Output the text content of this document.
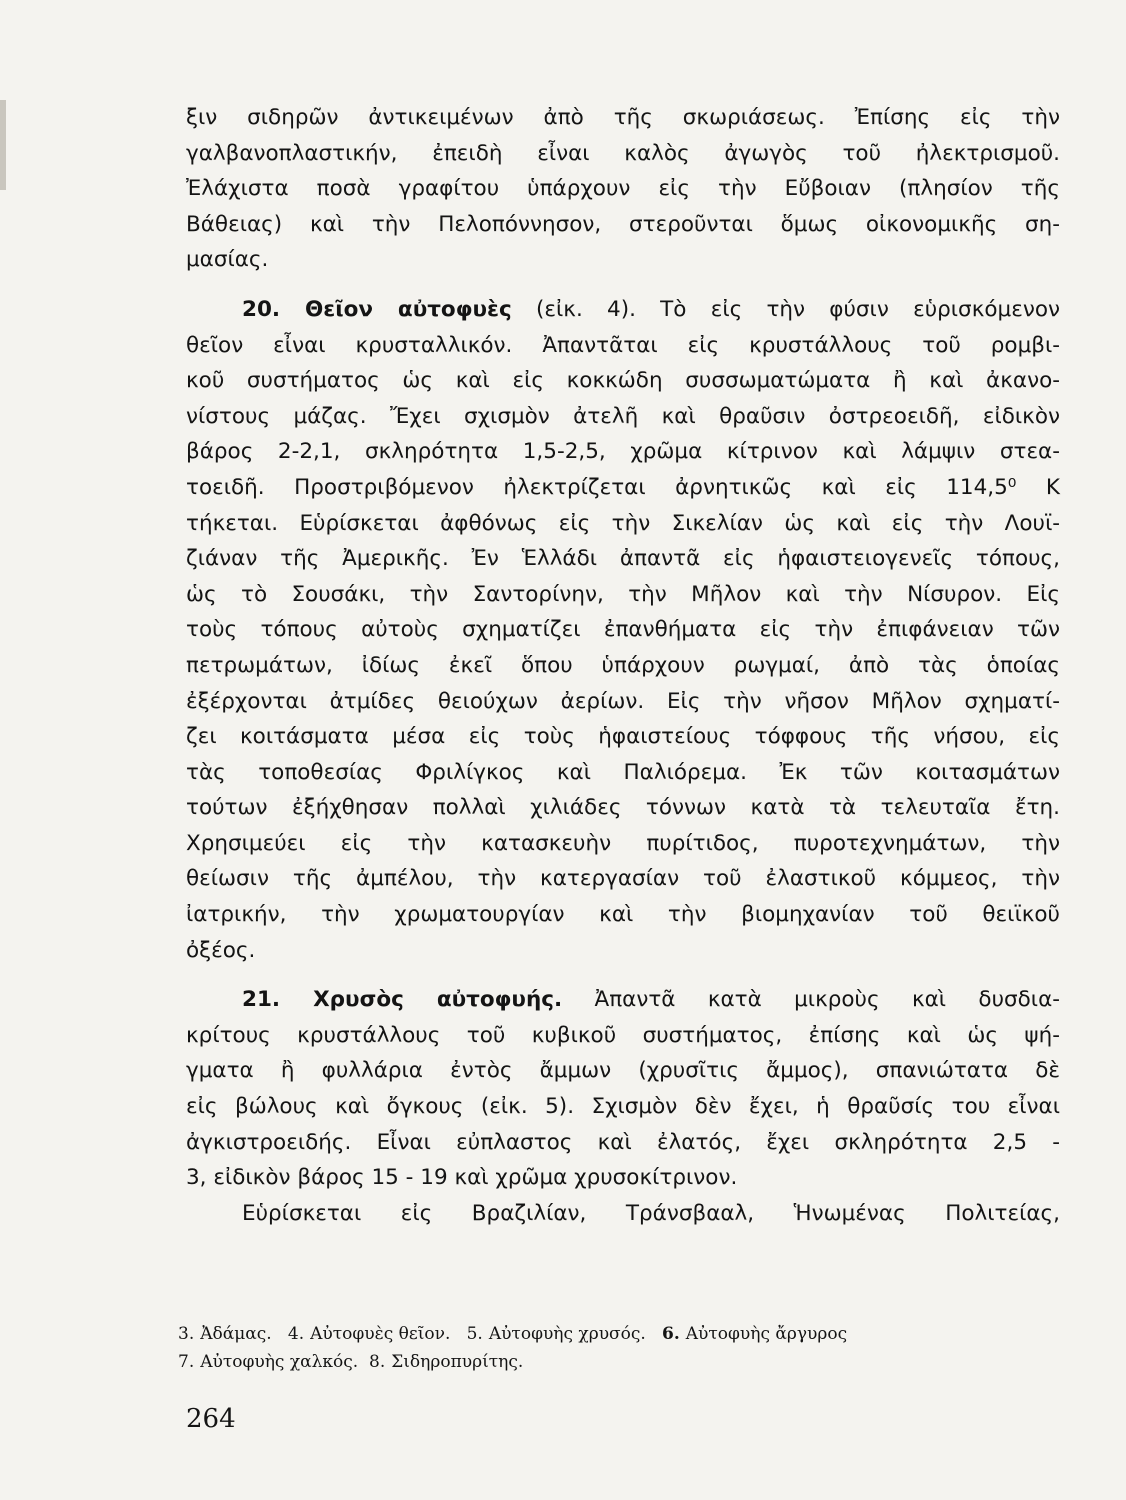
ξιν σιδηρῶν ἀντικειμένων ἀπὸ τῆς σκωριάσεως. Ἐπίσης εἰς τὴν
γαλβανοπλαστικήν, ἐπειδὴ εἶναι καλὸς ἀγωγὸς τοῦ ἠλεκτρισμοῦ.
Ἐλάχιστα ποσὰ γραφίτου ὑπάρχουν εἰς τὴν Εὔβοιαν (πλησίον τῆς
Βάθειας) καὶ τὴν Πελοπόννησον, στεροῦνται ὅμως οἰκονομικῆς ση-
μασίας.

20. Θεῖον αὐτοφυὲς (εἰκ. 4). Τὸ εἰς τὴν φύσιν εὑρισκόμενον
θεῖον εἶναι κρυσταλλικόν. Ἀπαντᾶται εἰς κρυστάλλους τοῦ ρομβι-
κοῦ συστήματος ὡς καὶ εἰς κοκκώδη συσσωματώματα ἢ καὶ ἀκανο-
νίστους μάζας. Ἔχει σχισμὸν ἀτελῆ καὶ θραῦσιν ὀστρεοειδῆ, εἰδικὸν
βάρος 2-2,1, σκληρότητα 1,5-2,5, χρῶμα κίτρινον καὶ λάμψιν στεα-
τοειδῆ. Προστριβόμενον ἠλεκτρίζεται ἀρνητικῶς καὶ εἰς 114,5⁰ Κ
τήκεται. Εὑρίσκεται ἀφθόνως εἰς τὴν Σικελίαν ὡς καὶ εἰς τὴν Λουϊ-
ζιάναν τῆς Ἀμερικῆς. Ἐν Ἑλλάδι ἀπαντᾶ εἰς ἡφαιστειογενεῖς τόπους,
ὡς τὸ Σουσάκι, τὴν Σαντορίνην, τὴν Μῆλον καὶ τὴν Νίσυρον. Εἰς
τοὺς τόπους αὐτοὺς σχηματίζει ἐπανθήματα εἰς τὴν ἐπιφάνειαν τῶν
πετρωμάτων, ἰδίως ἐκεῖ ὅπου ὑπάρχουν ρωγμαί, ἀπὸ τὰς ὁποίας
ἐξέρχονται ἀτμίδες θειούχων ἀερίων. Εἰς τὴν νῆσον Μῆλον σχηματί-
ζει κοιτάσματα μέσα εἰς τοὺς ἡφαιστείους τόφφους τῆς νήσου, εἰς
τὰς τοποθεσίας Φριλίγκος καὶ Παλιόρεμα. Ἐκ τῶν κοιτασμάτων
τούτων ἐξήχθησαν πολλαὶ χιλιάδες τόννων κατὰ τὰ τελευταῖα ἔτη.
Χρησιμεύει εἰς τὴν κατασκευὴν πυρίτιδος, πυροτεχνημάτων, τὴν
θείωσιν τῆς ἀμπέλου, τὴν κατεργασίαν τοῦ ἐλαστικοῦ κόμμεος, τὴν
ἰατρικήν, τὴν χρωματουργίαν καὶ τὴν βιομηχανίαν τοῦ θειϊκοῦ
ὀξέος.

21. Χρυσὸς αὐτοφυής. Ἀπαντᾶ κατὰ μικροὺς καὶ δυσδια-
κρίτους κρυστάλλους τοῦ κυβικοῦ συστήματος, ἐπίσης καὶ ὡς ψή-
γματα ἢ φυλλάρια ἐντὸς ἄμμων (χρυσῖτις ἄμμος), σπανιώτατα δὲ
εἰς βώλους καὶ ὄγκους (εἰκ. 5). Σχισμὸν δὲν ἔχει, ἡ θραῦσίς του εἶναι
ἀγκιστροειδής. Εἶναι εὐπλαστος καὶ ἐλατός, ἔχει σκληρότητα 2,5 -
3, εἰδικὸν βάρος 15 - 19 καὶ χρῶμα χρυσοκίτρινον.
Εὑρίσκεται εἰς Βραζιλίαν, Τράνσβααλ, Ἡνωμένας Πολιτείας,

3. Ἀδάμας. 4. Αὐτοφυὲς θεῖον. 5. Αὐτοφυὴς χρυσός. 6. Αὐτοφυὴς ἄργυρος
7. Αὐτοφυὴς χαλκός. 8. Σιδηροπυρίτης.
264
